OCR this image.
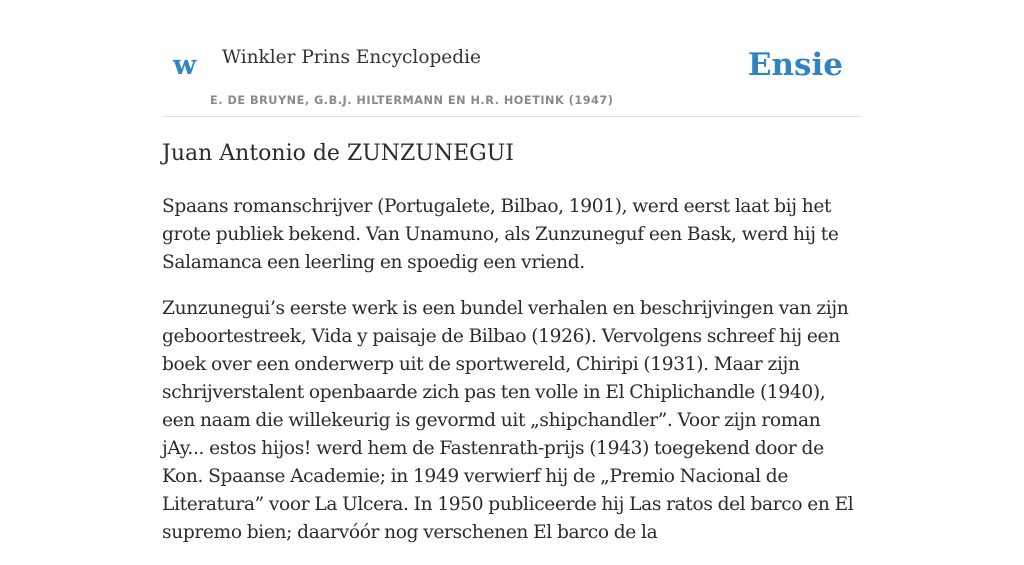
w Winkler Prins Encyclopedie
E. DE BRUYNE, G.B.J. HILTERMANN EN H.R. HOETINK (1947)
Ensie
Juan Antonio de ZUNZUNEGUI

Spaans romanschrijver (Portugalete, Bilbao, 1901), werd eerst laat bij het grote publiek bekend. Van Unamuno, als Zunzuneguf een Bask, werd hij te Salamanca een leerling en spoedig een vriend.

Zunzunegui’s eerste werk is een bundel verhalen en beschrijvingen van zijn geboortestreek, Vida y paisaje de Bilbao (1926). Vervolgens schreef hij een boek over een onderwerp uit de sportwereld, Chiripi (1931). Maar zijn schrijverstalent openbaarde zich pas ten volle in El Chiplichandle (1940), een naam die willekeurig is gevormd uit „shipchandler”. Voor zijn roman jAy... estos hijos! werd hem de Fastenrath-prijs (1943) toegekend door de Kon. Spaanse Academie; in 1949 verwierf hij de „Premio Nacional de Literatura” voor La Ulcera. In 1950 publiceerde hij Las ratos del barco en El supremo bien; daarvóór nog verschenen El barco de la
